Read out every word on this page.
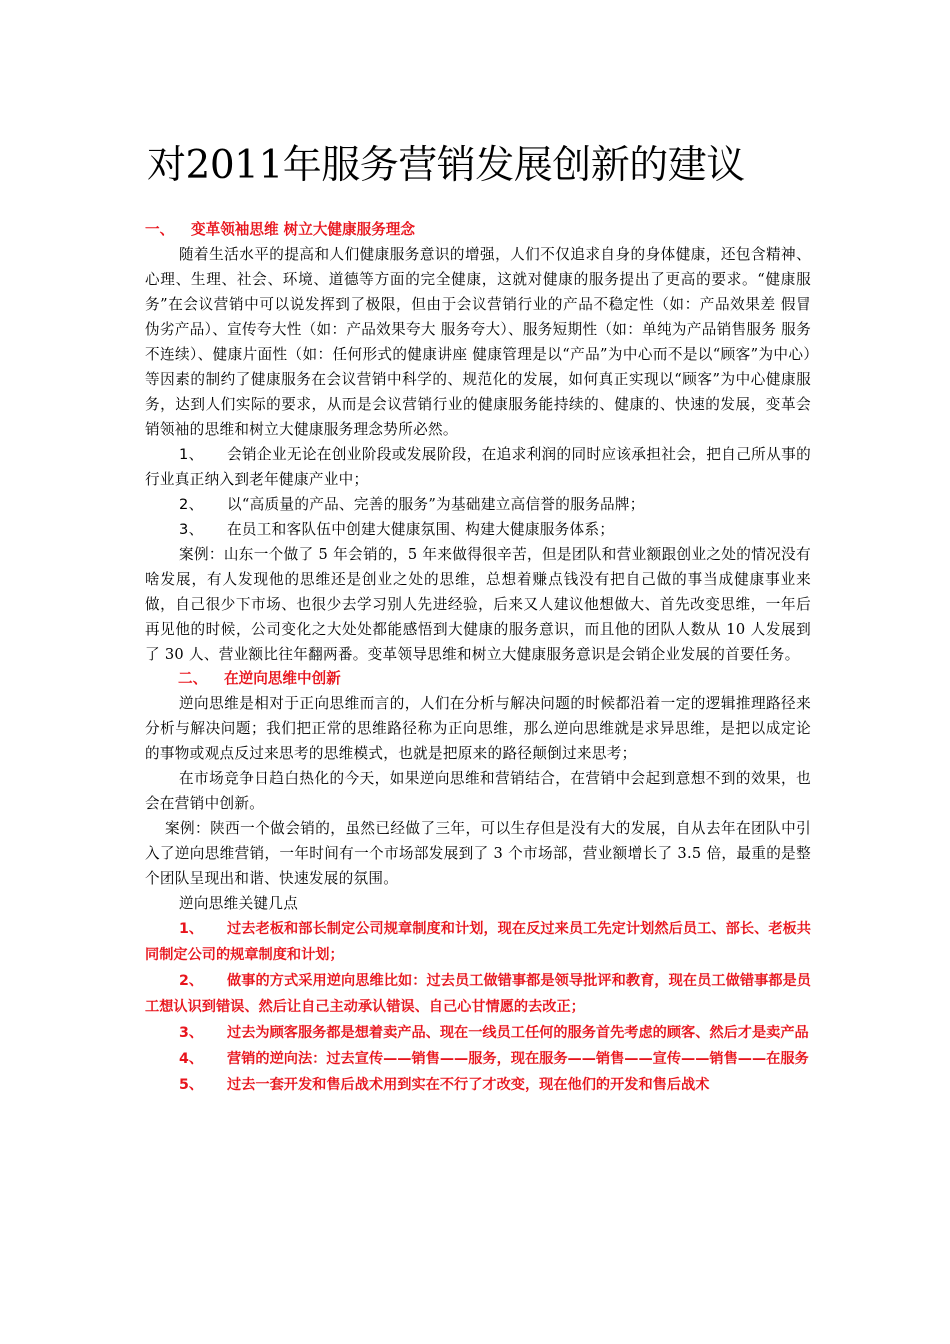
对2011年服务营销发展创新的建议

一、 变革领袖思维 树立大健康服务理念

随着生活水平的提高和人们健康服务意识的增强，人们不仅追求自身的身体健康，还包含精神、心理、生理、社会、环境、道德等方面的完全健康，这就对健康的服务提出了更高的要求。“健康服务”在会议营销中可以说发挥到了极限，但由于会议营销行业的产品不稳定性（如：产品效果差 假冒伪劣产品）、宣传夸大性（如：产品效果夸大 服务夸大）、服务短期性（如：单纯为产品销售服务 服务不连续）、健康片面性（如：任何形式的健康讲座 健康管理是以“产品”为中心而不是以“顾客”为中心）等因素的制约了健康服务在会议营销中科学的、规范化的发展，如何真正实现以“顾客”为中心健康服务，达到人们实际的要求，从而是会议营销行业的健康服务能持续的、健康的、快速的发展，变革会销领袖的思维和树立大健康服务理念势所必然。

1、 会销企业无论在创业阶段或发展阶段，在追求利润的同时应该承担社会，把自己所从事的行业真正纳入到老年健康产业中；

2、 以“高质量的产品、完善的服务”为基础建立高信誉的服务品牌；

3、 在员工和客队伍中创建大健康氛围、构建大健康服务体系；

案例：山东一个做了 5 年会销的，5 年来做得很辛苦，但是团队和营业额跟创业之处的情况没有啥发展，有人发现他的思维还是创业之处的思维，总想着赚点钱没有把自己做的事当成健康事业来做，自己很少下市场、也很少去学习别人先进经验，后来又人建议他想做大、首先改变思维，一年后再见他的时候，公司变化之大处处都能感悟到大健康的服务意识，而且他的团队人数从 10 人发展到了 30 人、营业额比往年翻两番。变革领导思维和树立大健康服务意识是会销企业发展的首要任务。

二、 在逆向思维中创新

逆向思维是相对于正向思维而言的，人们在分析与解决问题的时候都沿着一定的逻辑推理路径来分析与解决问题；我们把正常的思维路径称为正向思维，那么逆向思维就是求异思维，是把以成定论的事物或观点反过来思考的思维模式，也就是把原来的路径颠倒过来思考；

在市场竞争日趋白热化的今天，如果逆向思维和营销结合，在营销中会起到意想不到的效果，也会在营销中创新。

案例：陕西一个做会销的，虽然已经做了三年，可以生存但是没有大的发展，自从去年在团队中引入了逆向思维营销，一年时间有一个市场部发展到了 3 个市场部，营业额增长了 3.5 倍，最重的是整个团队呈现出和谐、快速发展的氛围。

逆向思维关键几点

1、 过去老板和部长制定公司规章制度和计划，现在反过来员工先定计划然后员工、部长、老板共同制定公司的规章制度和计划；

2、 做事的方式采用逆向思维比如：过去员工做错事都是领导批评和教育，现在员工做错事都是员工想认识到错误、然后让自己主动承认错误、自己心甘情愿的去改正；

3、 过去为顾客服务都是想着卖产品、现在一线员工任何的服务首先考虑的顾客、然后才是卖产品

4、 营销的逆向法：过去宣传——销售——服务，现在服务——销售——宣传——销售——在服务

5、 过去一套开发和售后战术用到实在不行了才改变，现在他们的开发和售后战术
